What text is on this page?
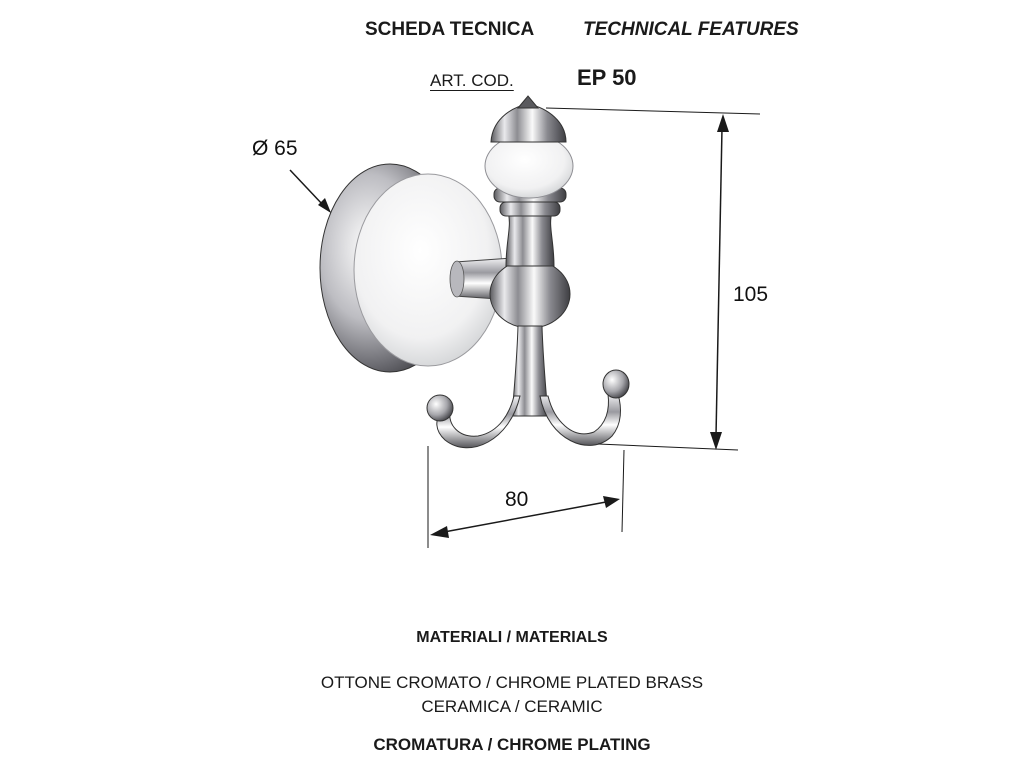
SCHEDA TECNICA	TECHNICAL FEATURES
ART. COD.	EP 50
Ø 65
105
80
MATERIALI / MATERIALS
OTTONE CROMATO / CHROME PLATED BRASS
CERAMICA / CERAMIC
CROMATURA / CHROME PLATING
